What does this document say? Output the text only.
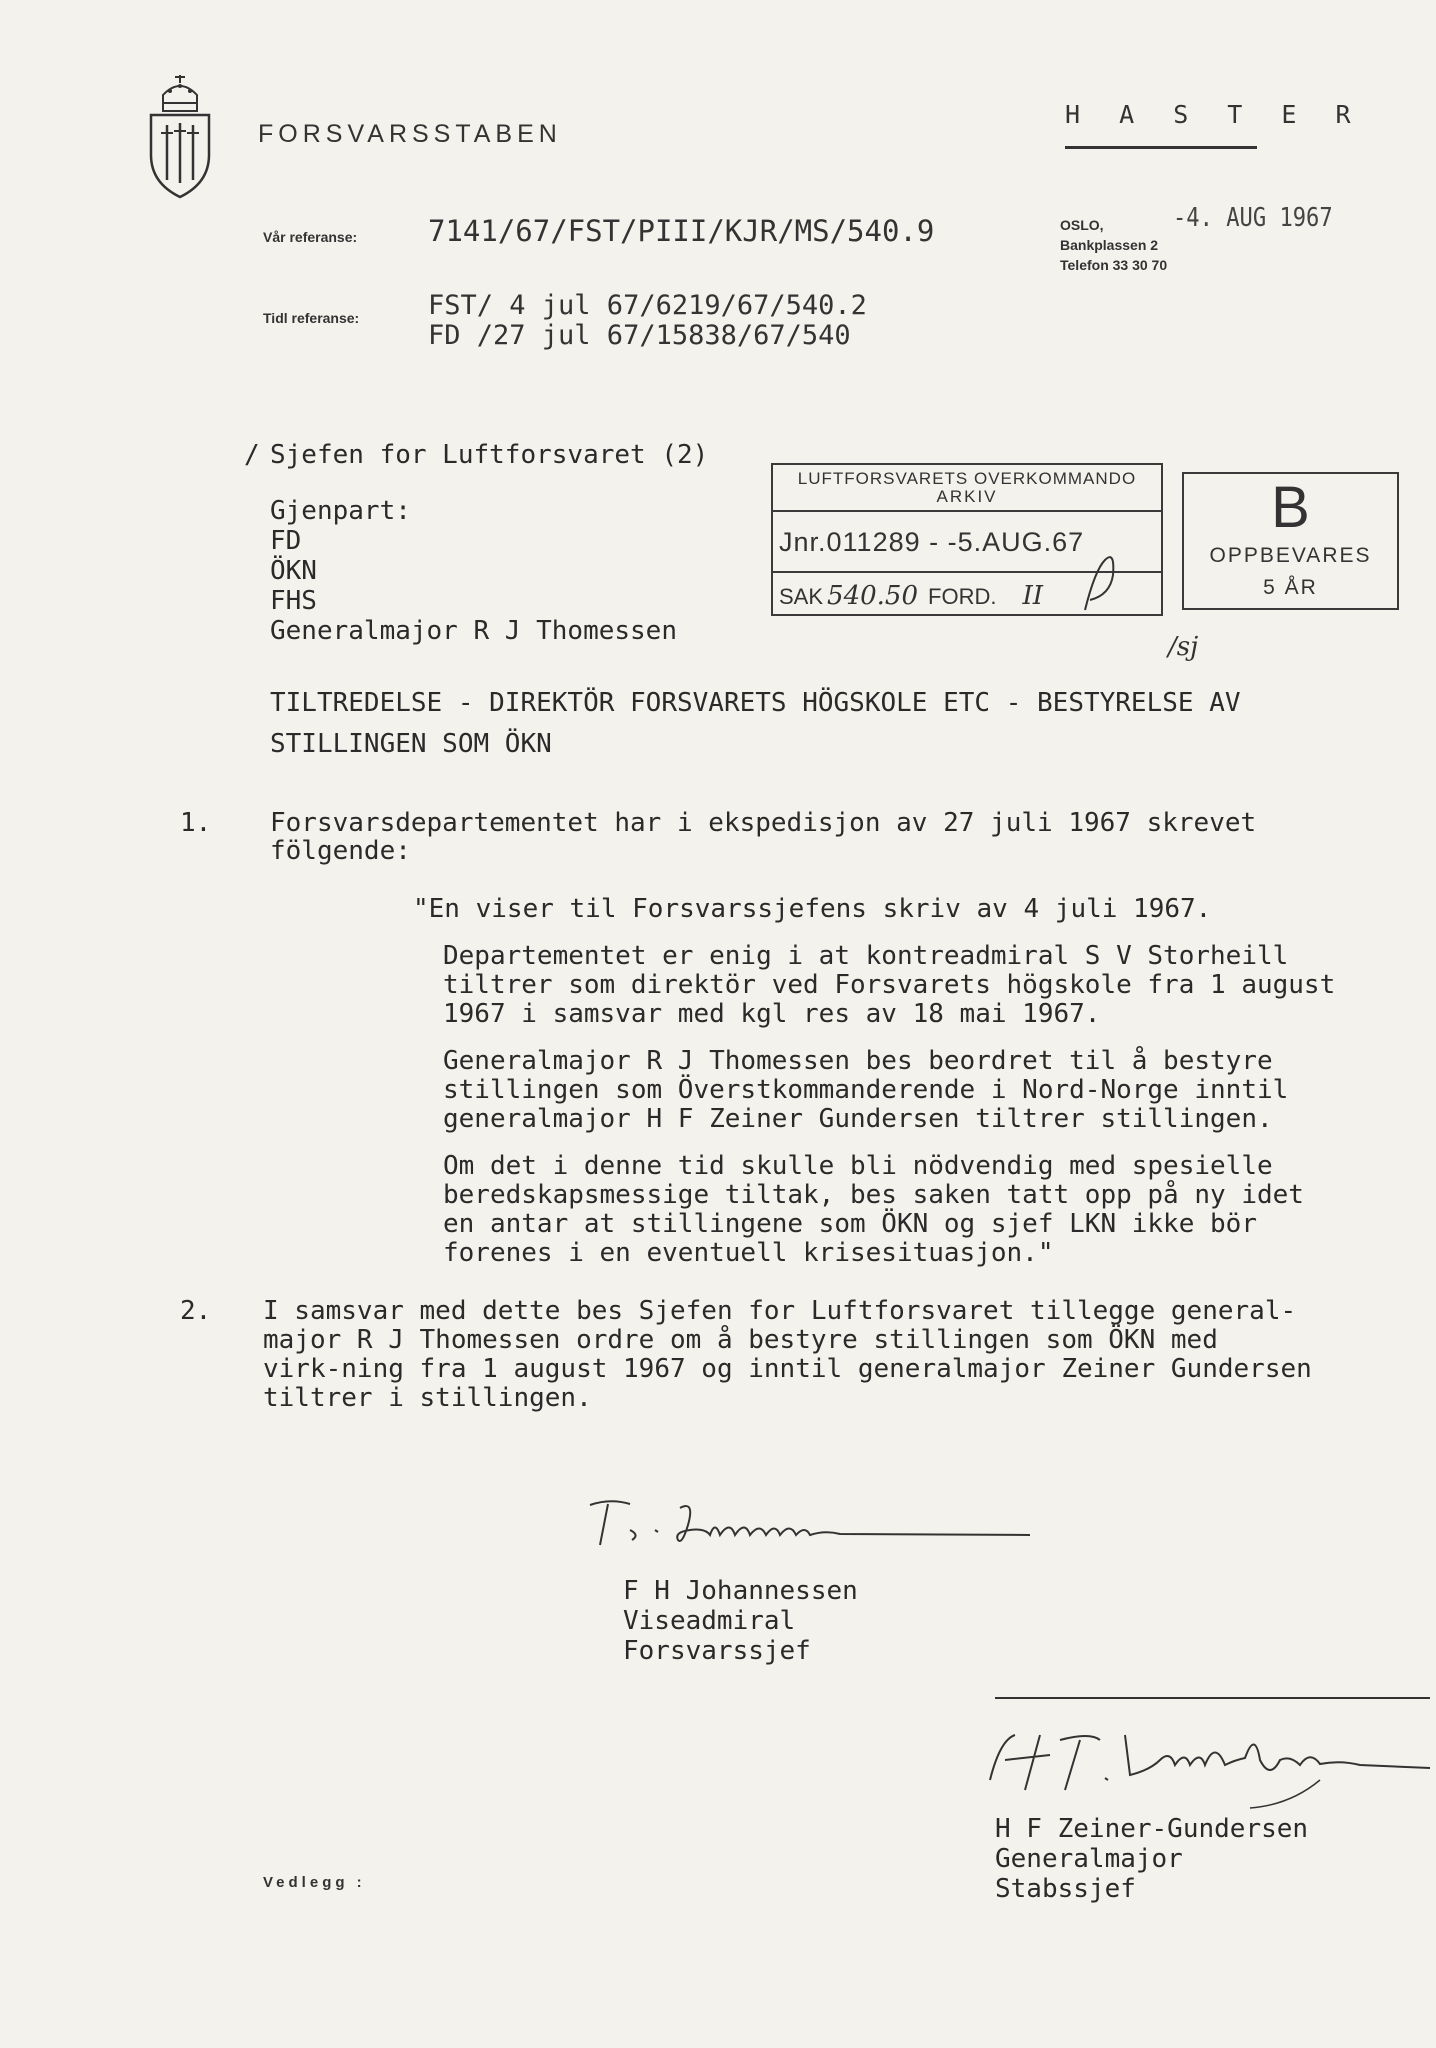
FORSVARSSTABEN
H A S T E R
Vår referanse: 7141/67/FST/PIII/KJR/MS/540.9
Tidl referanse:	FST/ 4 jul 67/6219/67/540.2
FD /27 jul 67/15838/67/540
OSLO,
Bankplassen 2
Telefon 33 30 70
-4. AUG 1967
/ Sjefen for Luftforsvaret (2)
Gjenpart:
FD
ÖKN
FHS
Generalmajor R J Thomessen
LUFTFORSVARETS OVERKOMMANDO
ARKIV
Jnr.011289 - -5.AUG.67
SAK 540.50 FORD. II
B
OPPBEVARES
5 ÅR
/sj
TILTREDELSE - DIREKTÖR FORSVARETS HÖGSKOLE ETC - BESTYRELSE AV
STILLINGEN SOM ÖKN
1. Forsvarsdepartementet har i ekspedisjon av 27 juli 1967 skrevet
fölgende:
"En viser til Forsvarssjefens skriv av 4 juli 1967.
Departementet er enig i at kontreadmiral S V Storheill
tiltrer som direktör ved Forsvarets högskole fra 1 august
1967 i samsvar med kgl res av 18 mai 1967.
Generalmajor R J Thomessen bes beordret til å bestyre
stillingen som Överstkommanderende i Nord-Norge inntil
generalmajor H F Zeiner Gundersen tiltrer stillingen.
Om det i denne tid skulle bli nödvendig med spesielle
beredskapsmessige tiltak, bes saken tatt opp på ny idet
en antar at stillingene som ÖKN og sjef LKN ikke bör
forenes i en eventuell krisesituasjon."
2. I samsvar med dette bes Sjefen for Luftforsvaret tillegge general-
major R J Thomessen ordre om å bestyre stillingen som ÖKN med
virk-ning fra 1 august 1967 og inntil generalmajor Zeiner Gundersen
tiltrer i stillingen.
F H Johannessen
Viseadmiral
Forsvarssjef
H F Zeiner-Gundersen
Generalmajor
Stabssjef
Vedlegg :
